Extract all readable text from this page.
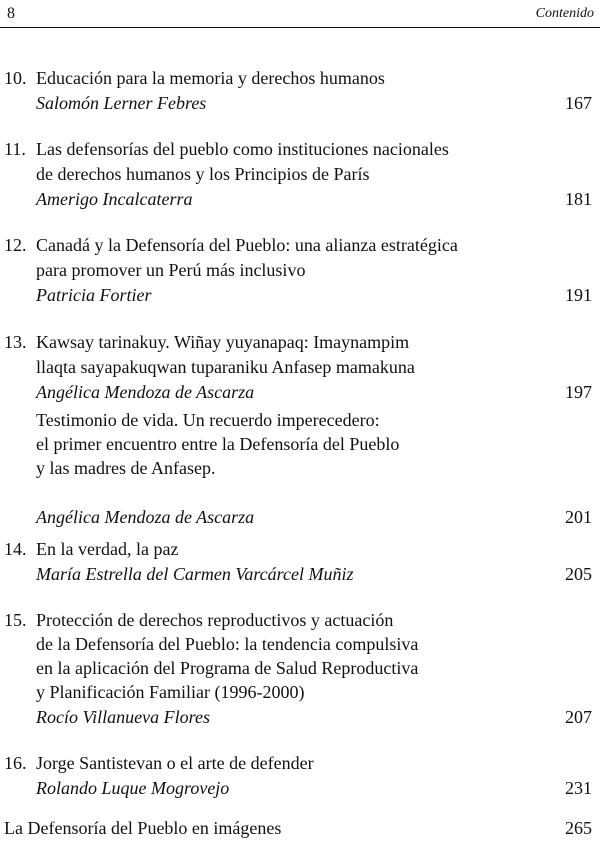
8	Contenido
10. Educación para la memoria y derechos humanos
Salomón Lerner Febres	167
11. Las defensorías del pueblo como instituciones nacionales
de derechos humanos y los Principios de París
Amerigo Incalcaterra	181
12. Canadá y la Defensoría del Pueblo: una alianza estratégica
para promover un Perú más inclusivo
Patricia Fortier	191
13. Kawsay tarinakuy. Wiñay yuyanapaq: Imaynampim
llaqta sayapakuqwan tuparaniku Anfasep mamakuna
Angélica Mendoza de Ascarza	197
Testimonio de vida. Un recuerdo imperecedero:
el primer encuentro entre la Defensoría del Pueblo
y las madres de Anfasep.
Angélica Mendoza de Ascarza	201
14. En la verdad, la paz
María Estrella del Carmen Varcárcel Muñiz	205
15. Protección de derechos reproductivos y actuación
de la Defensoría del Pueblo: la tendencia compulsiva
en la aplicación del Programa de Salud Reproductiva
y Planificación Familiar (1996-2000)
Rocío Villanueva Flores	207
16. Jorge Santistevan o el arte de defender
Rolando Luque Mogrovejo	231
La Defensoría del Pueblo en imágenes	265
